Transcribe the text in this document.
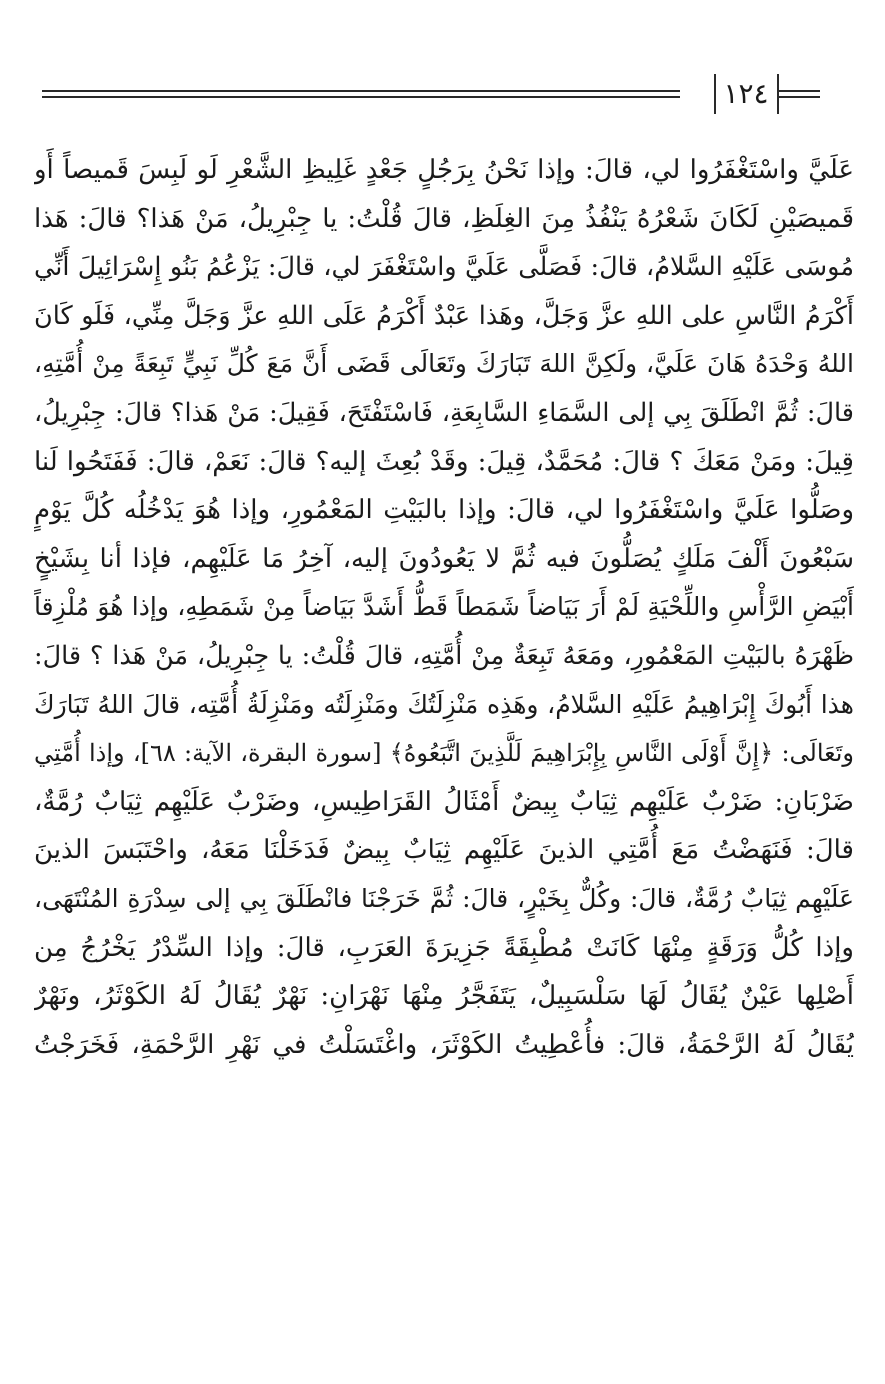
١٢٤
عَلَيَّ واسْتَغْفَرُوا لي، قالَ: وإذا نَحْنُ بِرَجُلٍ جَعْدٍ غَلِيظِ الشَّعْرِ لَو لَبِسَ قَميصاً أَو
قَميصَيْنِ لَكَانَ شَعْرُهُ يَنْفُذُ مِنَ الغِلَظِ، قالَ قُلْتُ: يا جِبْرِيلُ، مَنْ هَذا؟ قالَ: هَذا
مُوسَى عَلَيْهِ السَّلامُ، قالَ: فَصَلَّى عَلَيَّ واسْتَغْفَرَ لي، قالَ: يَزْعُمُ بَنُو إِسْرَائِيلَ أَنِّي
أَكْرَمُ النَّاسِ على اللهِ عزَّ وَجَلَّ، وهَذا عَبْدٌ أَكْرَمُ عَلَى اللهِ عزَّ وَجَلَّ مِنِّي، فَلَو كَانَ
اللهُ وَحْدَهُ هَانَ عَلَيَّ، ولَكِنَّ اللهَ تَبَارَكَ وتَعَالَى قَضَى أَنَّ مَعَ كُلِّ نَبِيٍّ تَبِعَةً مِنْ أُمَّتِهِ،
قالَ: ثُمَّ انْطَلَقَ بِي إلى السَّمَاءِ السَّابِعَةِ، فَاسْتَفْتَحَ، فَقِيلَ: مَنْ هَذا؟ قالَ: جِبْرِيلُ،
قِيلَ: ومَنْ مَعَكَ ؟ قالَ: مُحَمَّدٌ، قِيلَ: وقَدْ بُعِثَ إليه؟ قالَ: نَعَمْ، قالَ: فَفَتَحُوا لَنا
وصَلُّوا عَلَيَّ واسْتَغْفَرُوا لي، قالَ: وإذا بالبَيْتِ المَعْمُورِ، وإذا هُوَ يَدْخُلُه كُلَّ يَوْمٍ
سَبْعُونَ أَلْفَ مَلَكٍ يُصَلُّونَ فيه ثُمَّ لا يَعُودُونَ إليه، آخِرُ مَا عَلَيْهِم، فإذا أنا بِشَيْخٍ
أَبْيَضِ الرَّأْسِ واللِّحْيَةِ لَمْ أَرَ بَيَاضاً شَمَطاً قَطُّ أَشَدَّ بَيَاضاً مِنْ شَمَطِهِ، وإذا هُوَ مُلْزِقاً
ظَهْرَهُ بالبَيْتِ المَعْمُورِ، ومَعَهُ تَبِعَةٌ مِنْ أُمَّتِهِ، قالَ قُلْتُ: يا جِبْرِيلُ، مَنْ هَذا ؟ قالَ:
هذا أَبُوكَ إِبْرَاهِيمُ عَلَيْهِ السَّلامُ، وهَذِه مَنْزِلَتُكَ ومَنْزِلَتُه ومَنْزِلَةُ أُمَّتِه، قالَ اللهُ تَبَارَكَ
وتَعَالَى: ﴿إِنَّ أَوْلَى النَّاسِ بِإِبْرَاهِيمَ لَلَّذِينَ اتَّبَعُوهُ﴾ [سورة البقرة، الآية: ٦٨]، وإذا أُمَّتِي
ضَرْبَانِ: ضَرْبٌ عَلَيْهِم ثِيَابٌ بِيضٌ أَمْثَالُ القَرَاطِيسِ، وضَرْبٌ عَلَيْهِم ثِيَابٌ رُمَّةٌ،
قالَ: فَنَهَضْتُ مَعَ أُمَّتِي الذينَ عَلَيْهِم ثِيَابٌ بِيضٌ فَدَخَلْنَا مَعَهُ، واحْتَبَسَ الذينَ
عَلَيْهِم ثِيَابٌ رُمَّةٌ، قالَ: وكُلٌّ بِخَيْرٍ، قالَ: ثُمَّ خَرَجْنَا فانْطَلَقَ بِي إلى سِدْرَةِ المُنْتَهَى،
وإذا كُلُّ وَرَقَةٍ مِنْهَا كَانَتْ مُطْبِقَةً جَزِيرَةَ العَرَبِ، قالَ: وإذا السِّدْرُ يَخْرُجُ مِن
أَصْلِها عَيْنٌ يُقَالُ لَهَا سَلْسَبِيلٌ، يَتَفَجَّرُ مِنْهَا نَهْرَانِ: نَهْرٌ يُقَالُ لَهُ الكَوْثَرُ، ونَهْرٌ
يُقَالُ لَهُ الرَّحْمَةُ، قالَ: فأُعْطِيتُ الكَوْثَرَ، واغْتَسَلْتُ في نَهْرِ الرَّحْمَةِ، فَخَرَجْتُ
